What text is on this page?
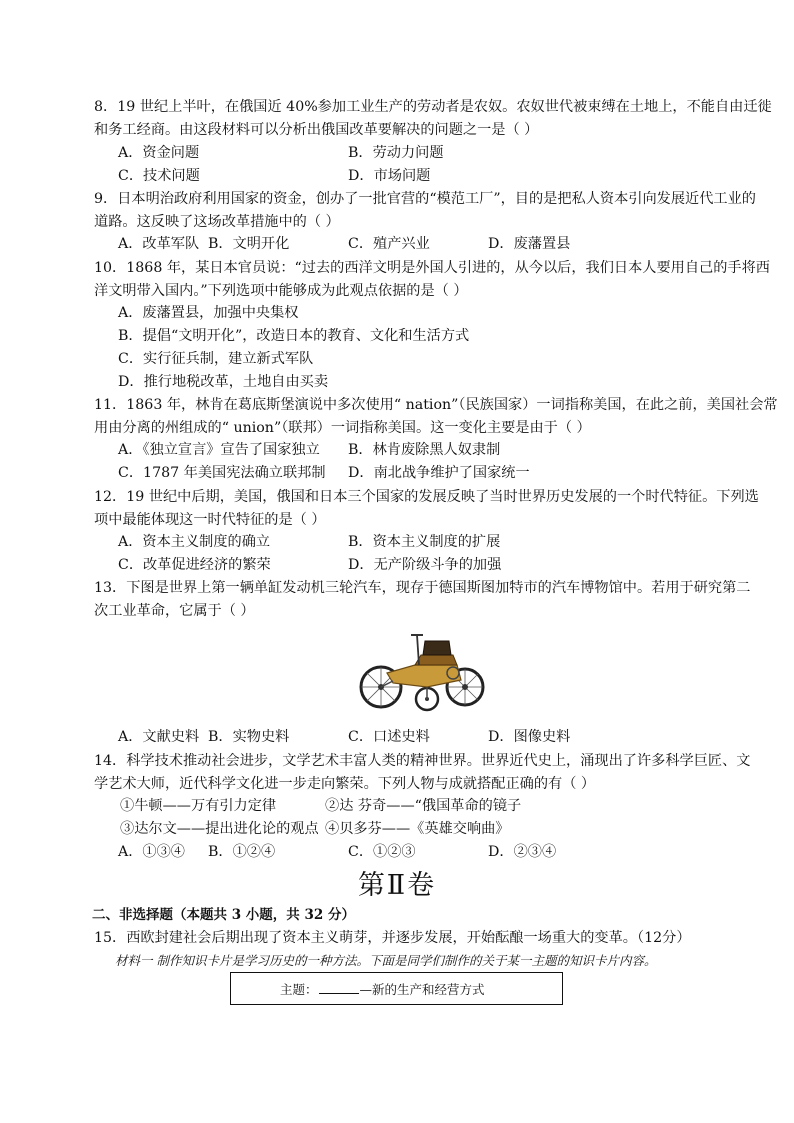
8．19 世纪上半叶，在俄国近 40%参加工业生产的劳动者是农奴。农奴世代被束缚在土地上，不能自由迁徙
和务工经商。由这段材料可以分析出俄国改革要解决的问题之一是（ ）
A．资金问题	B．劳动力问题
C．技术问题	D．市场问题
9．日本明治政府利用国家的资金，创办了一批官营的“模范工厂”，目的是把私人资本引向发展近代工业的
道路。这反映了这场改革措施中的（ ）
A．改革军队 B．文明开化	C．殖产兴业	D．废藩置县
10．1868 年，某日本官员说：“过去的西洋文明是外国人引进的，从今以后，我们日本人要用自己的手将西
洋文明带入国内。”下列选项中能够成为此观点依据的是（ ）
A．废藩置县，加强中央集权
B．提倡“文明开化”，改造日本的教育、文化和生活方式
C．实行征兵制，建立新式军队
D．推行地税改革，土地自由买卖
11．1863 年，林肯在葛底斯堡演说中多次使用“ nation”（民族国家）一词指称美国，在此之前，美国社会常
用由分离的州组成的“ union”（联邦）一词指称美国。这一变化主要是由于（ ）
A．《独立宣言》宣告了国家独立 B．林肯废除黑人奴隶制
C．1787 年美国宪法确立联邦制 D．南北战争维护了国家统一
12．19 世纪中后期，美国，俄国和日本三个国家的发展反映了当时世界历史发展的一个时代特征。下列选
项中最能体现这一时代特征的是（ ）
A．资本主义制度的确立	B．资本主义制度的扩展
C．改革促进经济的繁荣	D．无产阶级斗争的加强
13．下图是世界上第一辆单缸发动机三轮汽车，现存于德国斯图加特市的汽车博物馆中。若用于研究第二
次工业革命，它属于（ ）
A．文献史料 B．实物史料	C．口述史料	D．图像史料
14．科学技术推动社会进步，文学艺术丰富人类的精神世界。世界近代史上，涌现出了许多科学巨匠、文
学艺术大师，近代科学文化进一步走向繁荣。下列人物与成就搭配正确的有（ ）
①牛顿——万有引力定律	②达 芬奇——“俄国革命的镜子
③达尔文——提出进化论的观点 ④贝多芬——《英雄交响曲》
A．①③④ B．①②④	C．①②③	D．②③④
第Ⅱ卷
二、非选择题（本题共 3 小题，共 32 分）
15．西欧封建社会后期出现了资本主义萌芽，并逐步发展，开始酝酿一场重大的变革。（12分）
材料一 制作知识卡片是学习历史的一种方法。下面是同学们制作的关于某一主题的知识卡片内容。
主题：	—新的生产和经营方式
